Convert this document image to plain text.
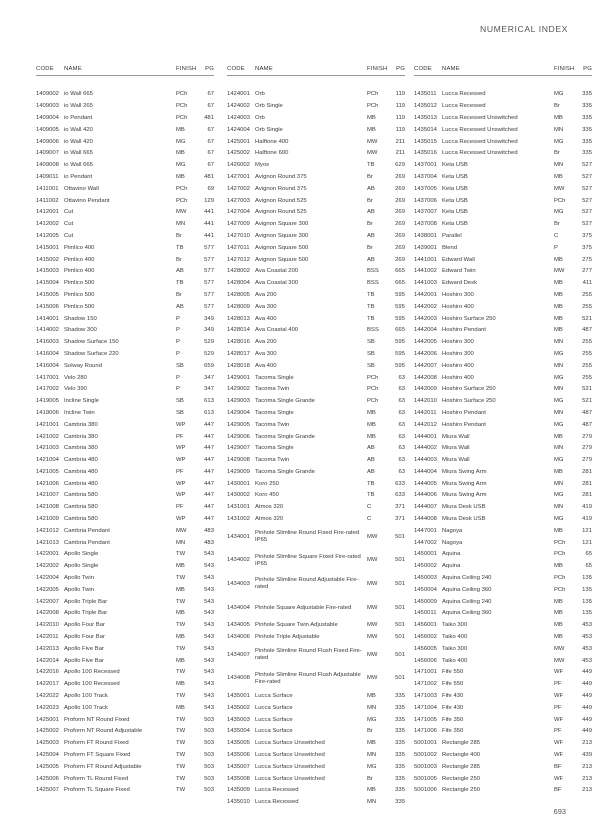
NUMERICAL INDEX
CODE	NAME	FINISH	PG
1409002 io Wall 665	PCh	67
1409003 io Wall 265	PCh	67
1409004 io Pendant	PCh	481
1409005 io Wall 420	MB	67
1409006 io Wall 420	MG	67
1409007 io Wall 665	MB	67
1409008 io Wall 665	MG	67
1409011 io Pendant	MB	481
1411001 Ottavino Wall	PCh	69
1411002 Ottavino Pendant	PCh	129
1412001 Cut	MW	441
1412002 Cut	MN	441
1412005 Cut	Br	441
1415001 Pimlico 400	TB	577
1415002 Pimlico 400	Br	577
1415003 Pimlico 400	AB	577
1415004 Pimlico 500	TB	577
1415005 Pimlico 500	Br	577
1415006 Pimlico 500	AB	577
1414001 Shadow 150	P	349
1414002 Shadow 300	P	349
1416003 Shadow Surface 150	P	529
1416004 Shadow Surface 220	P	529
1416004 Solway Round	SB	659
1417001 Velo 280	P	347
1417002 Velo 390	P	347
1419005 Incline Single	SB	613
1419006 Incline Twin	SB	613
1421001 Cambria 380	WP	447
1421002 Cambria 380	PF	447
1421003 Cambria 380	WP	447
1421004 Cambria 480	WP	447
1421005 Cambria 480	PF	447
1421006 Cambria 480	WP	447
1421007 Cambria 580	WP	447
1421008 Cambria 580	PF	447
1421009 Cambria 580	WP	447
1421012 Cambria Pendant	MW	483
1421013 Cambria Pendant	MN	483
1422001 Apollo Single	TW	543
1422002 Apollo Single	MB	543
1422004 Apollo Twin	TW	543
1422005 Apollo Twin	MB	543
1422007 Apollo Triple Bar	TW	543
1422008 Apollo Triple Bar	MB	543
1422010 Apollo Four Bar	TW	543
1422011 Apollo Four Bar	MB	543
1422013 Apollo Five Bar	TW	543
1422014 Apollo Five Bar	MB	543
1422016 Apollo 100 Recessed	TW	543
1422017 Apollo 100 Recessed	MB	543
1422022 Apollo 100 Track	TW	543
1422023 Apollo 100 Track	MB	543
1425001 Proform NT Round Fixed	TW	503
1425002 Proform NT Round Adjustable	TW	503
1425003 Proform FT Round Fixed	TW	503
1425004 Proform FT Square Fixed	TW	503
1425005 Proform FT Round Adjustable	TW	503
1425006 Proform TL Round Fixed	TW	503
1425007 Proform TL Square Fixed	TW	503
CODE	NAME	FINISH	PG
1424001 Orb	PCh	119
1424002 Orb Single	PCh	119
1424003 Orb	MB	119
1424004 Orb Single	MB	119
1425001 Halftone 400	MW	211
1425002 Halftone 600	MW	211
1426002 Myos	TB	629
1427001 Avignon Round 375	Br	269
1427002 Avignon Round 375	AB	269
1427003 Avignon Round 525	Br	269
1427004 Avignon Round 525	AB	269
1427009 Avignon Square 300	Br	269
1427010 Avignon Square 300	AB	269
1427011 Avignon Square 500	Br	269
1427012 Avignon Square 500	AB	269
1428002 Ava Coastal 200	BSS	665
1428004 Ava Coastal 300	BSS	665
1428005 Ava 200	TB	595
1428009 Ava 300	TB	595
1428013 Ava 400	TB	595
1428014 Ava Coastal 400	BSS	665
1428016 Ava 200	SB	595
1428017 Ava 300	SB	595
1428018 Ava 400	SB	595
1429001 Tacoma Single	PCh	63
1429002 Tacoma Twin	PCh	63
1429003 Tacoma Single Grande	PCh	63
1429004 Tacoma Single	MB	63
1429005 Tacoma Twin	MB	63
1429006 Tacoma Single Grande	MB	63
1429007 Tacoma Single	AB	63
1429008 Tacoma Twin	AB	63
1429009 Tacoma Single Grande	AB	63
1430001 Koro 250	TB	633
1430002 Koro 450	TB	633
1431001 Atmos 320	C	371
1431002 Atmos 320	C	371
1434001
Pinhole Slimline Round Fixed Fire-rated IP65
MW	501
1434002
Pinhole Slimline Square Fixed Fire-rated IP65
MW	501
1434003
Pinhole Slimline Round Adjustable Fire-rated
MW	501
1434004 Pinhole Square Adjustable Fire-rated	MW	501
1434005 Pinhole Square Twin Adjustable	MW	501
1434006 Pinhole Triple Adjustable	MW	501
1434007
Pinhole Slimline Round Flush Fixed Fire-rated
MW	501
1434008
Pinhole Slimline Round Flush Adjustable Fire-rated
MW	501
1435001 Lucca Surface	MB	335
1435002 Lucca Surface	MN	335
1435003 Lucca Surface	MG	335
1435004 Lucca Surface	Br	335
1435005 Lucca Surface Unswitched	MB	335
1435006 Lucca Surface Unswitched	MN	335
1435007 Lucca Surface Unswitched	MG	335
1435008 Lucca Surface Unswitched	Br	335
1435009 Lucca Recessed	MB	335
1435010 Lucca Recessed	MN	335
CODE	NAME	FINISH	PG
1435011 Lucca Recessed	MG	335
1435012 Lucca Recessed	Br	335
1435013 Lucca Recessed Unswitched	MB	335
1435014 Lucca Recessed Unswitched	MN	335
1435015 Lucca Recessed Unswitched	MG	335
1435016 Lucca Recessed Unswitched	Br	335
1437001 Keta USB	MN	527
1437004 Keta USB	MB	527
1437005 Keta USB	MW	527
1437006 Keta USB	PCh	527
1437007 Keta USB	MG	527
1437008 Keta USB	Br	527
1438001 Parallel	C	375
1439001 Blend	P	375
1441001 Edward Wall	MB	275
1441002 Edward Twin	MW	277
1441003 Edward Desk	MB	411
1442001 Hoshiro 300	MB	255
1442002 Hoshiro 400	MB	255
1442003 Hoshiro Surface 250	MB	521
1442004 Hoshiro Pendant	MB	487
1442005 Hoshiro 300	MN	255
1442006 Hoshiro 300	MG	255
1442007 Hoshiro 400	MN	255
1442008 Hoshiro 400	MG	255
1442009 Hoshiro Surface 250	MN	521
1442010 Hoshiro Surface 250	MG	521
1442011 Hoshiro Pendant	MN	487
1442012 Hoshiro Pendant	MG	487
1444001 Miura Wall	MB	279
1444002 Miura Wall	MN	279
1444003 Miura Wall	MG	279
1444004 Miura Swing Arm	MB	281
1444005 Miura Swing Arm	MN	281
1444006 Miura Swing Arm	MG	281
1444007 Miura Desk USB	MN	419
1444008 Miura Desk USB	MG	419
1447001 Nagoya	MB	121
1447002 Nagoya	PCh	121
1450001 Aquina	PCh	65
1450002 Aquina	MB	65
1450003 Aquina Ceiling 240	PCh	135
1450004 Aquina Ceiling 360	PCh	135
1450009 Aquina Ceiling 240	MB	135
1450011 Aquina Ceiling 360	MB	135
1456001 Taiko 300	MB	453
1456002 Taiko 400	MB	453
1456005 Taiko 300	MW	453
1456006 Taiko 400	MW	453
1471001 Fife 550	WF	449
1471002 Fife 550	PF	449
1471003 Fife 430	WF	449
1471004 Fife 430	PF	449
1471005 Fife 350	WF	449
1471006 Fife 350	PF	449
5001001 Rectangle 285	WF	213
5001002 Rectangle 400	WF	439
5001003 Rectangle 285	BF	213
5001005 Rectangle 250	WF	213
5001006 Rectangle 250	BF	213
693
